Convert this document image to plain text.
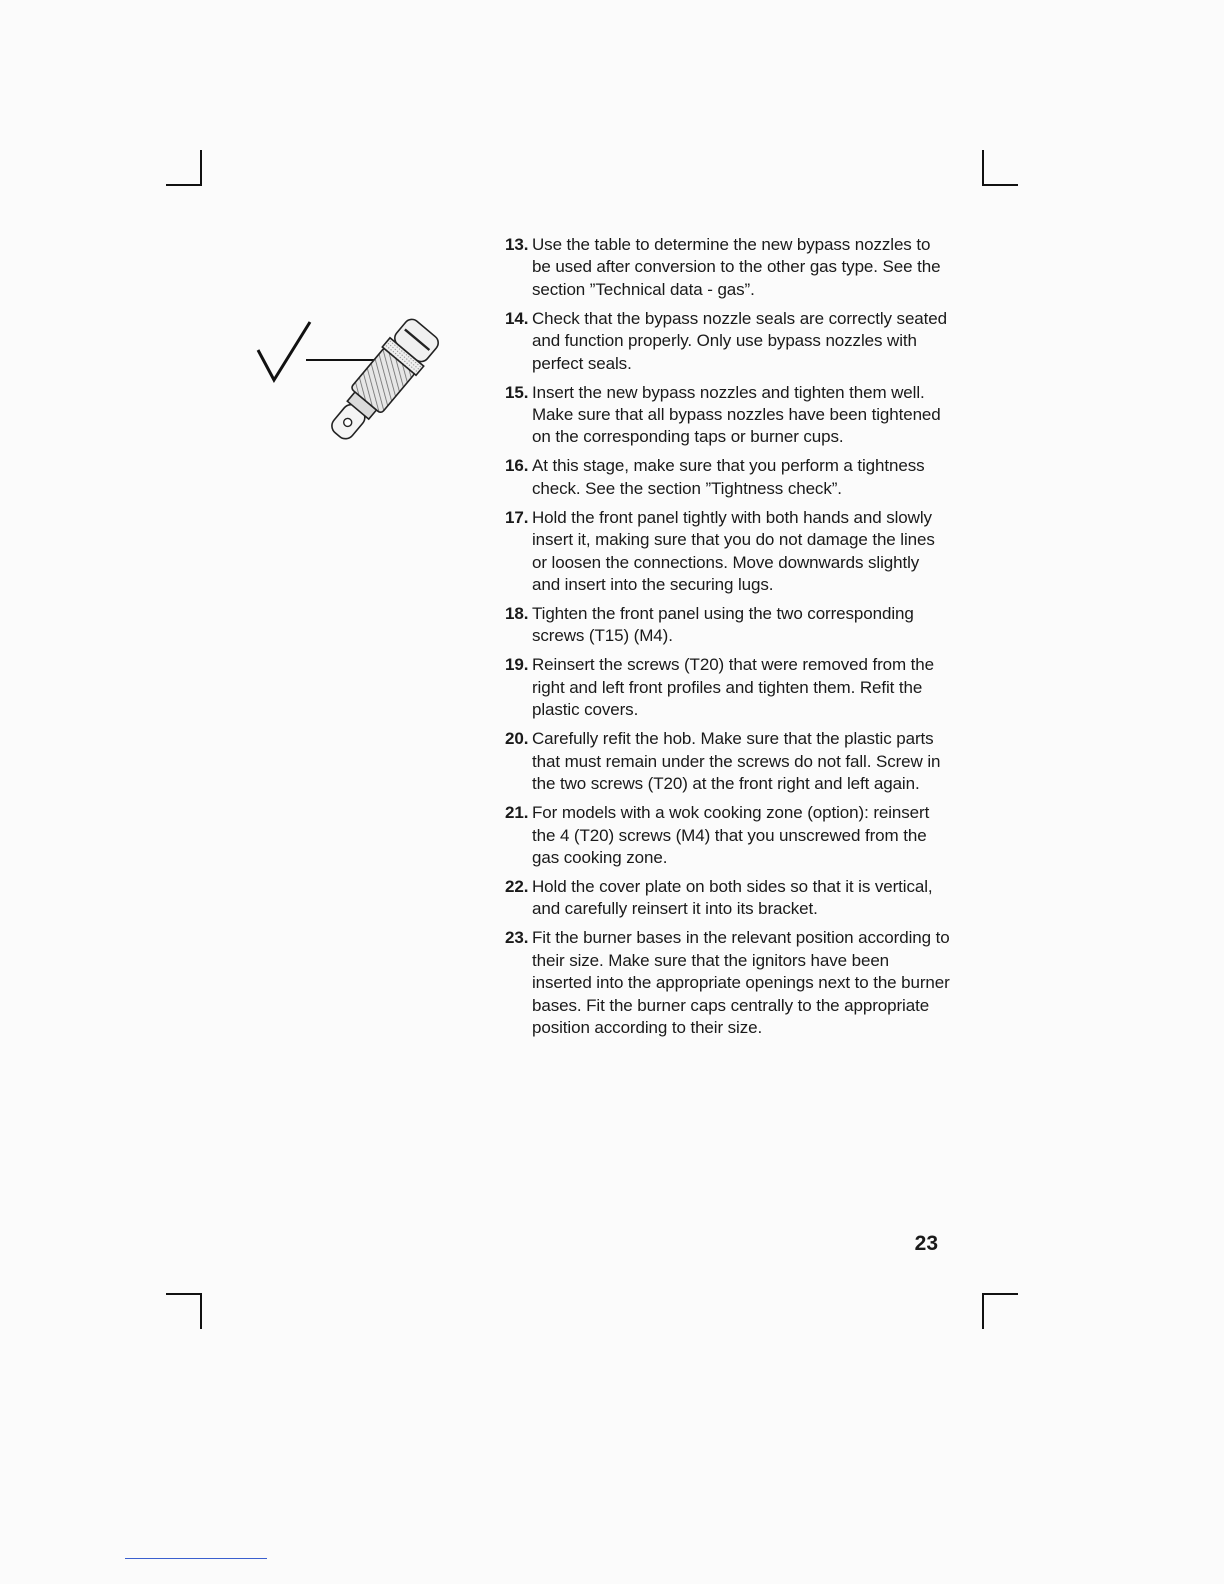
13. Use the table to determine the new bypass nozzles to be used after conversion to the other gas type. See the section ”Technical data - gas”.
14. Check that the bypass nozzle seals are correctly seated and function properly. Only use bypass nozzles with perfect seals.
15. Insert the new bypass nozzles and tighten them well. Make sure that all bypass nozzles have been tightened on the corresponding taps or burner cups.
16. At this stage, make sure that you perform a tightness check. See the section ”Tightness check”.
17. Hold the front panel tightly with both hands and slowly insert it, making sure that you do not damage the lines or loosen the connections. Move downwards slightly and insert into the securing lugs.
18. Tighten the front panel using the two corresponding screws (T15) (M4).
19. Reinsert the screws (T20) that were removed from the right and left front profiles and tighten them. Refit the plastic covers.
20. Carefully refit the hob. Make sure that the plastic parts that must remain under the screws do not fall. Screw in the two screws (T20) at the front right and left again.
21. For models with a wok cooking zone (option): reinsert the 4 (T20) screws (M4) that you unscrewed from the gas cooking zone.
22. Hold the cover plate on both sides so that it is vertical, and carefully reinsert it into its bracket.
23. Fit the burner bases in the relevant position according to their size. Make sure that the ignitors have been inserted into the appropriate openings next to the burner bases. Fit the burner caps centrally to the appropriate position according to their size.
23
